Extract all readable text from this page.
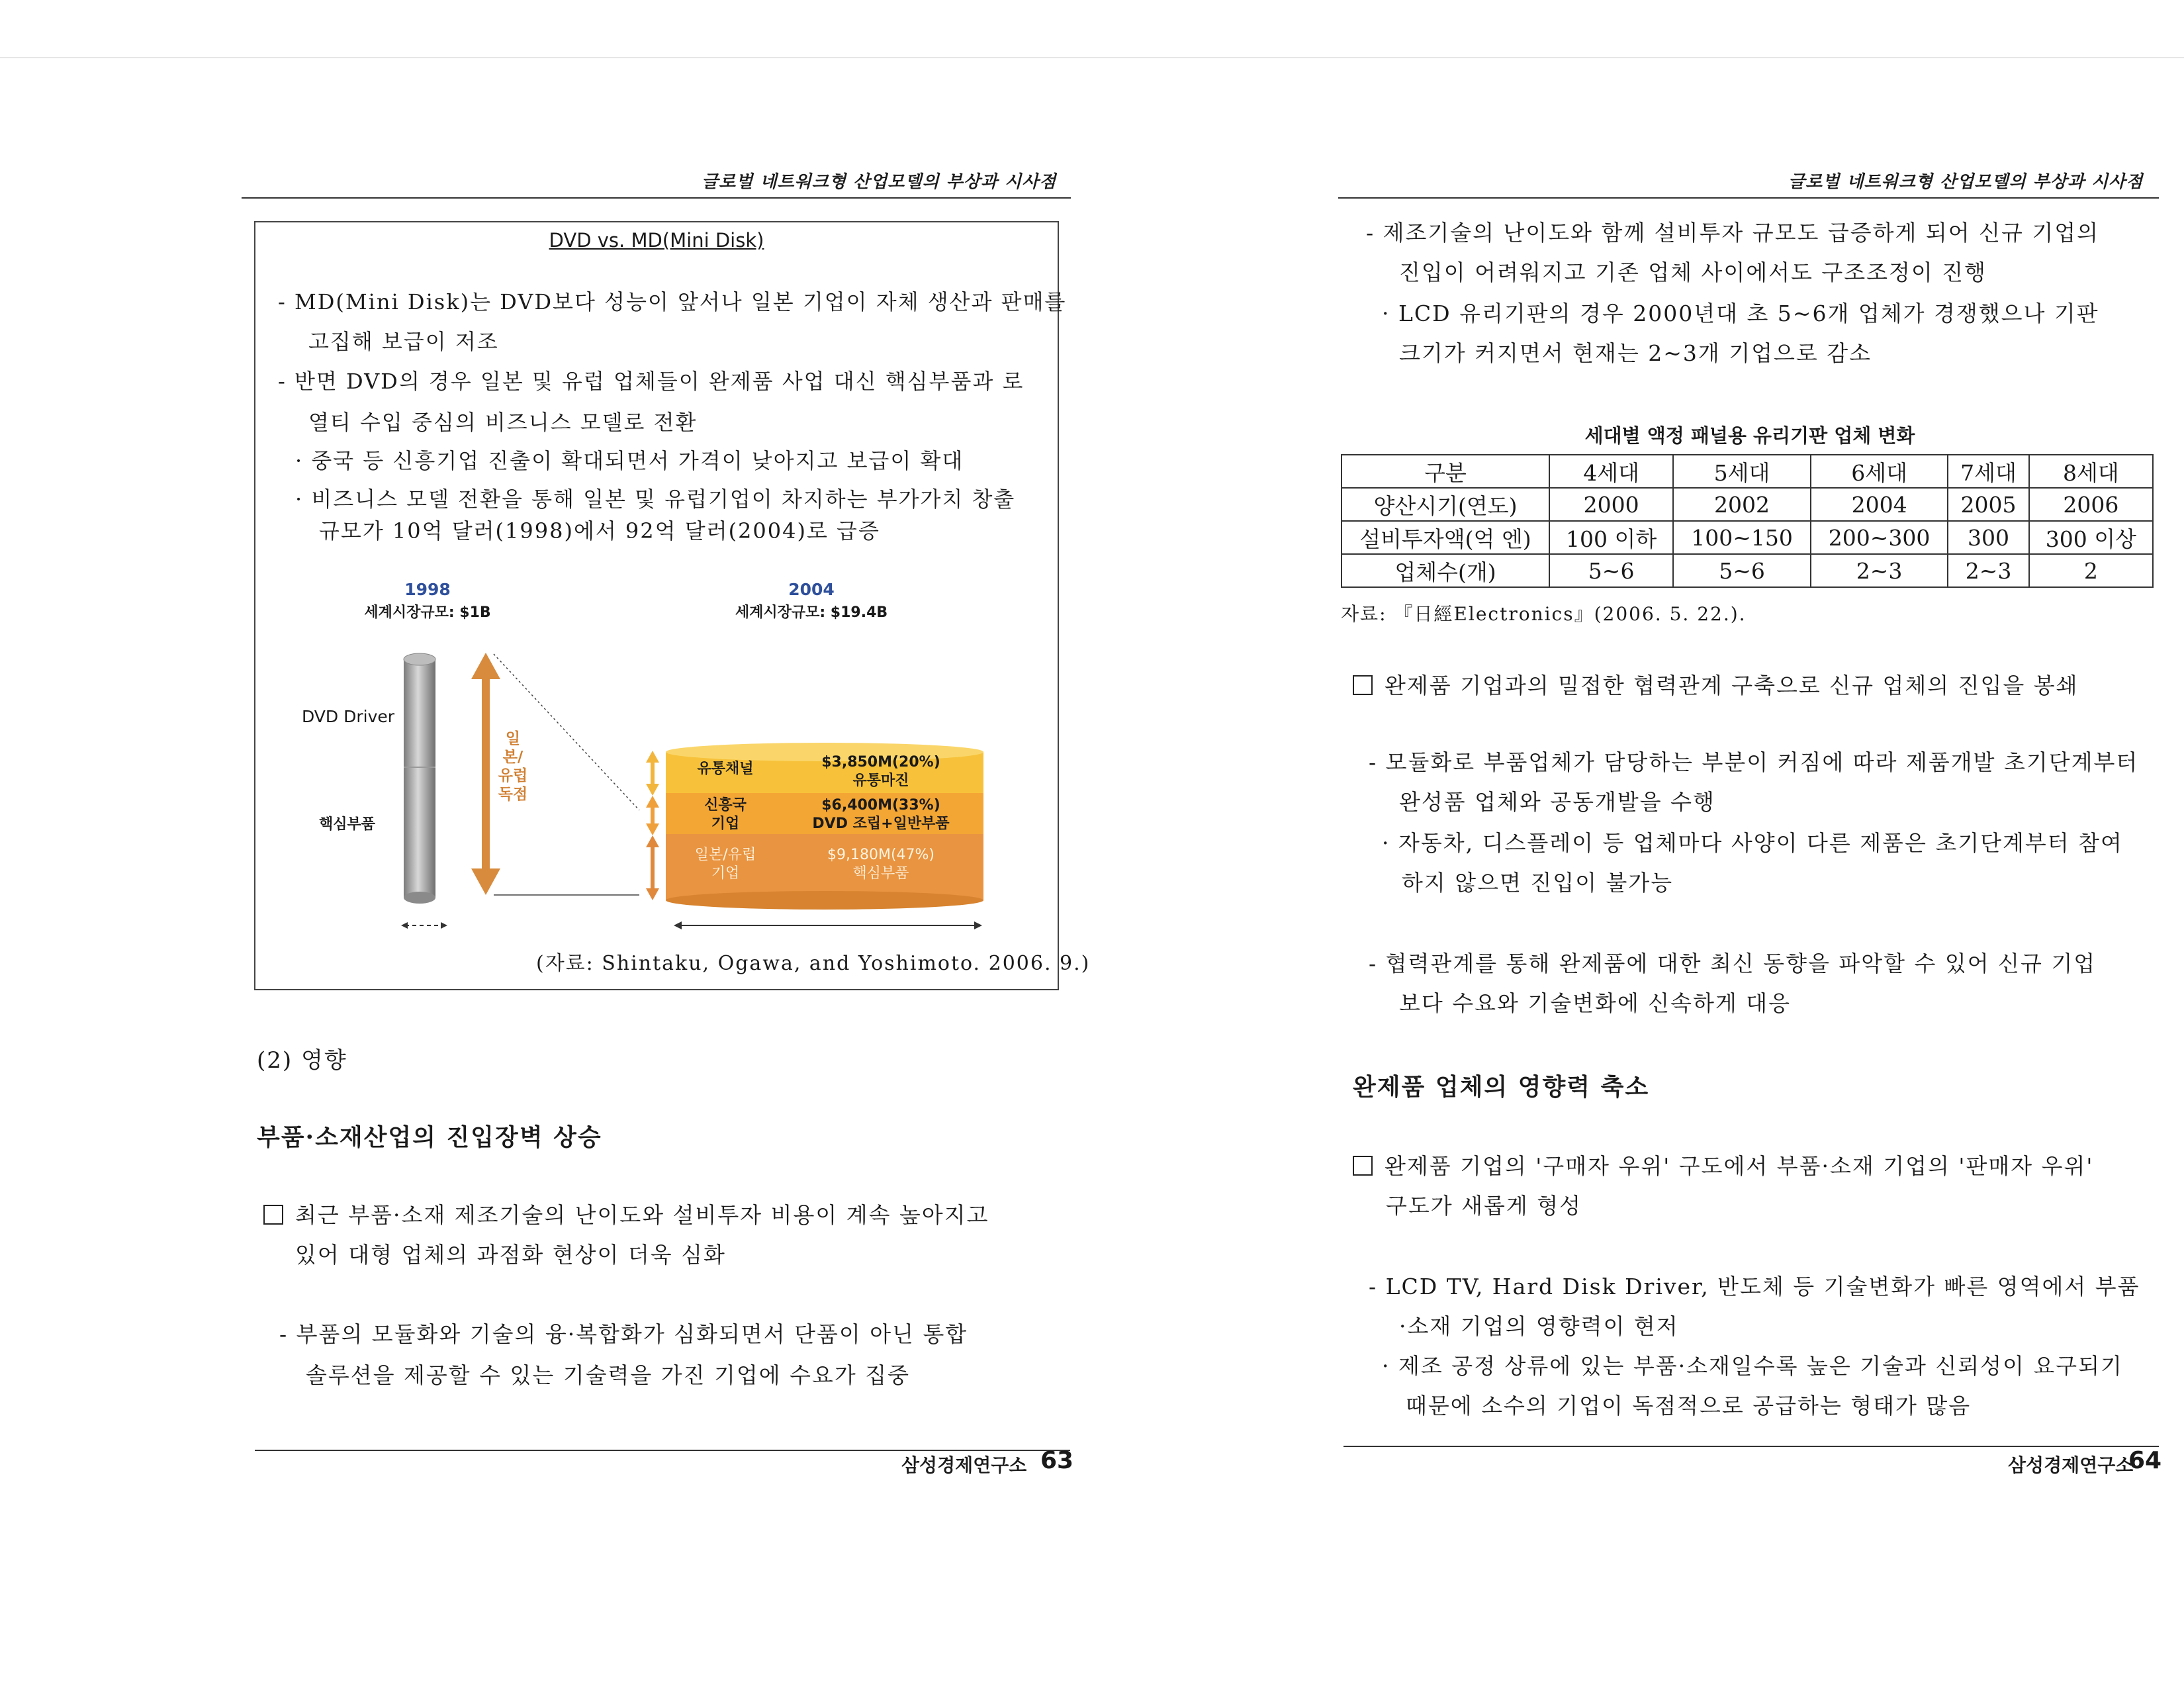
글로벌 네트워크형 산업모델의 부상과 시사점
DVD vs. MD(Mini Disk)
- MD(Mini Disk)는 DVD보다 성능이 앞서나 일본 기업이 자체 생산과 판매를
고집해 보급이 저조
- 반면 DVD의 경우 일본 및 유럽 업체들이 완제품 사업 대신 핵심부품과 로
열티 수입 중심의 비즈니스 모델로 전환
· 중국 등 신흥기업 진출이 확대되면서 가격이 낮아지고 보급이 확대
· 비즈니스 모델 전환을 통해 일본 및 유럽기업이 차지하는 부가가치 창출
규모가 10억 달러(1998)에서 92억 달러(2004)로 급증
1998
세계시장규모: $1B
2004
세계시장규모: $19.4B
DVD Driver
핵심부품
일본/
유럽
독점
유통채널	$3,850M(20%)
유통마진
신흥국
기업
$6,400M(33%)
DVD 조립+일반부품
일본/유럽
기업
$9,180M(47%)
핵심부품
(자료: Shintaku, Ogawa, and Yoshimoto. 2006. 9.)
(2) 영향
부품·소재산업의 진입장벽 상승
최근 부품·소재 제조기술의 난이도와 설비투자 비용이 계속 높아지고
있어 대형 업체의 과점화 현상이 더욱 심화
- 부품의 모듈화와 기술의 융·복합화가 심화되면서 단품이 아닌 통합
솔루션을 제공할 수 있는 기술력을 가진 기업에 수요가 집중
삼성경제연구소 63
글로벌 네트워크형 산업모델의 부상과 시사점
- 제조기술의 난이도와 함께 설비투자 규모도 급증하게 되어 신규 기업의
진입이 어려워지고 기존 업체 사이에서도 구조조정이 진행
· LCD 유리기판의 경우 2000년대 초 5~6개 업체가 경쟁했으나 기판
크기가 커지면서 현재는 2~3개 기업으로 감소
세대별 액정 패널용 유리기판 업체 변화
구분	4세대	5세대	6세대	7세대	8세대
양산시기(연도)	2000	2002	2004	2005	2006
설비투자액(억 엔)	100 이하	100~150	200~300	300	300 이상
업체수(개)	5~6	5~6	2~3	2~3	2
자료: 『日經Electronics』(2006. 5. 22.).
완제품 기업과의 밀접한 협력관계 구축으로 신규 업체의 진입을 봉쇄
- 모듈화로 부품업체가 담당하는 부분이 커짐에 따라 제품개발 초기단계부터
완성품 업체와 공동개발을 수행
· 자동차, 디스플레이 등 업체마다 사양이 다른 제품은 초기단계부터 참여
하지 않으면 진입이 불가능
- 협력관계를 통해 완제품에 대한 최신 동향을 파악할 수 있어 신규 기업
보다 수요와 기술변화에 신속하게 대응
완제품 업체의 영향력 축소
완제품 기업의 '구매자 우위' 구도에서 부품·소재 기업의 '판매자 우위'
구도가 새롭게 형성
- LCD TV, Hard Disk Driver, 반도체 등 기술변화가 빠른 영역에서 부품
·소재 기업의 영향력이 현저
· 제조 공정 상류에 있는 부품·소재일수록 높은 기술과 신뢰성이 요구되기
때문에 소수의 기업이 독점적으로 공급하는 형태가 많음
삼성경제연구소
64
